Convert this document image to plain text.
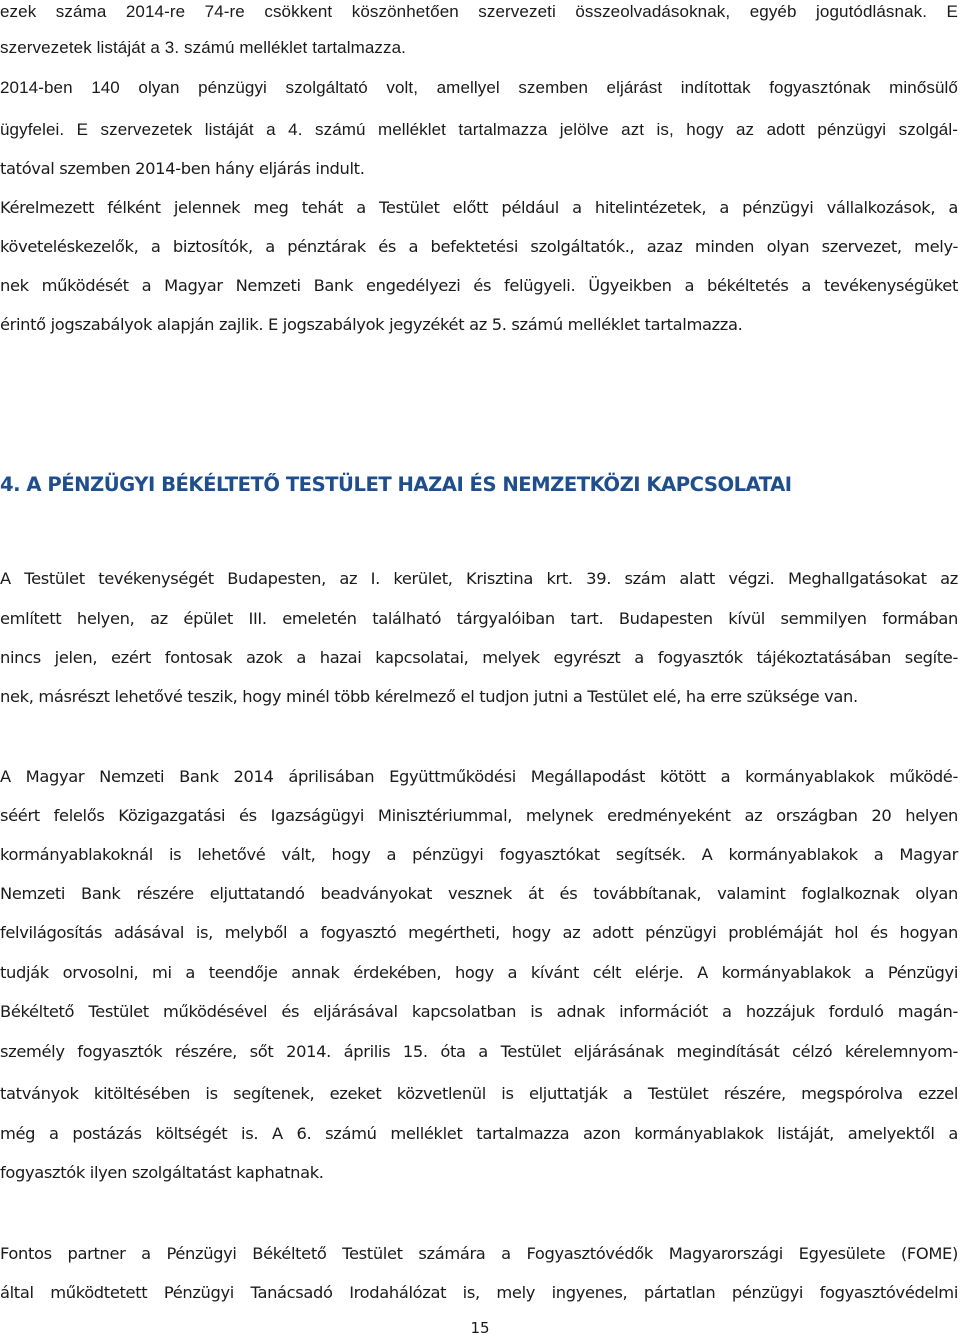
ezek száma 2014-re 74-re csökkent köszönhetően szervezeti összeolvadásoknak, egyéb jogutódlásnak. E

szervezetek listáját a 3. számú melléklet tartalmazza.

2014-ben 140 olyan pénzügyi szolgáltató volt, amellyel szemben eljárást indítottak fogyasztónak minősülő

ügyfelei. E szervezetek listáját a 4. számú melléklet tartalmazza jelölve azt is, hogy az adott pénzügyi szolgál-

tatóval szemben 2014-ben hány eljárás indult.

Kérelmezett félként jelennek meg tehát a Testület előtt például a hitelintézetek, a pénzügyi vállalkozások, a

követeléskezelők, a biztosítók, a pénztárak és a befektetési szolgáltatók., azaz minden olyan szervezet, mely-

nek működését a Magyar Nemzeti Bank engedélyezi és felügyeli. Ügyeikben a békéltetés a tevékenységüket

érintő jogszabályok alapján zajlik. E jogszabályok jegyzékét az 5. számú melléklet tartalmazza.

4. A PÉNZÜGYI BÉKÉLTETŐ TESTÜLET HAZAI ÉS NEMZETKÖZI KAPCSOLATAI

A Testület tevékenységét Budapesten, az I. kerület, Krisztina krt. 39. szám alatt végzi. Meghallgatásokat az

említett helyen, az épület III. emeletén található tárgyalóiban tart. Budapesten kívül semmilyen formában

nincs jelen, ezért fontosak azok a hazai kapcsolatai, melyek egyrészt a fogyasztók tájékoztatásában segíte-

nek, másrészt lehetővé teszik, hogy minél több kérelmező el tudjon jutni a Testület elé, ha erre szüksége van.

A Magyar Nemzeti Bank 2014 áprilisában Együttműködési Megállapodást kötött a kormányablakok működé-

séért felelős Közigazgatási és Igazságügyi Minisztériummal, melynek eredményeként az országban 20 helyen

kormányablakoknál is lehetővé vált, hogy a pénzügyi fogyasztókat segítsék. A kormányablakok a Magyar

Nemzeti Bank részére eljuttatandó beadványokat vesznek át és továbbítanak, valamint foglalkoznak olyan

felvilágosítás adásával is, melyből a fogyasztó megértheti, hogy az adott pénzügyi problémáját hol és hogyan

tudják orvosolni, mi a teendője annak érdekében, hogy a kívánt célt elérje. A kormányablakok a Pénzügyi

Békéltető Testület működésével és eljárásával kapcsolatban is adnak információt a hozzájuk forduló magán-

személy fogyasztók részére, sőt 2014. április 15. óta a Testület eljárásának megindítását célzó kérelemnyom-

tatványok kitöltésében is segítenek, ezeket közvetlenül is eljuttatják a Testület részére, megspórolva ezzel

még a postázás költségét is. A 6. számú melléklet tartalmazza azon kormányablakok listáját, amelyektől a

fogyasztók ilyen szolgáltatást kaphatnak.

Fontos partner a Pénzügyi Békéltető Testület számára a Fogyasztóvédők Magyarországi Egyesülete (FOME)

által működtetett Pénzügyi Tanácsadó Irodahálózat is, mely ingyenes, pártatlan pénzügyi fogyasztóvédelmi

15
